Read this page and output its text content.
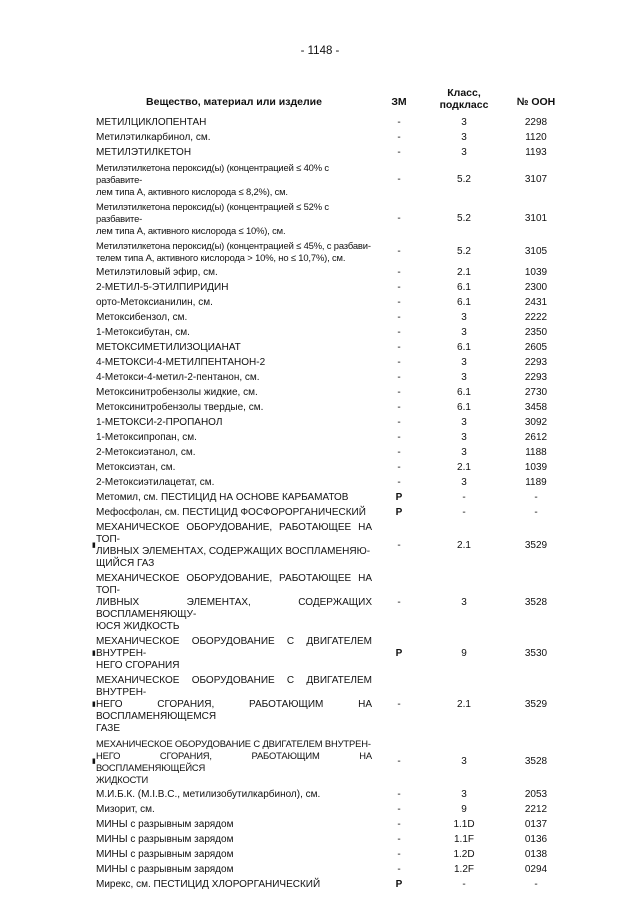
- 1148 -
Вещество, материал или изделие	ЗМ
Класс,
подкласс	№ ООН
МЕТИЛЦИКЛОПЕНТАН	-	3	2298
Метилэтилкарбинол, см.	-	3	1120
МЕТИЛЭТИЛКЕТОН	-	3	1193
Метилэтилкетона пероксид(ы) (концентрацией ≤ 40% с разбавите-
лем типа A, активного кислорода ≤ 8,2%), см.
-	5.2	3107
Метилэтилкетона пероксид(ы) (концентрацией ≤ 52% с разбавите-
лем типа A, активного кислорода ≤ 10%), см.
-	5.2	3101
Метилэтилкетона пероксид(ы) (концентрацией ≤ 45%, с разбави-
телем типа A, активного кислорода > 10%, но ≤ 10,7%), см.
-	5.2	3105
Метилэтиловый эфир, см.	-	2.1	1039
2-МЕТИЛ-5-ЭТИЛПИРИДИН	-	6.1	2300
орто-Метоксианилин, см.	-	6.1	2431
Метоксибензол, см.	-	3	2222
1-Метоксибутан, см.	-	3	2350
МЕТОКСИМЕТИЛИЗОЦИАНАТ	-	6.1	2605
4-МЕТОКСИ-4-МЕТИЛПЕНТАНОН-2	-	3	2293
4-Метокси-4-метил-2-пентанон, см.	-	3	2293
Метоксинитробензолы жидкие, см.	-	6.1	2730
Метоксинитробензолы твердые, см.	-	6.1	3458
1-МЕТОКСИ-2-ПРОПАНОЛ	-	3	3092
1-Метоксипропан, см.	-	3	2612
2-Метоксиэтанол, см.	-	3	1188
Метоксиэтан, см.	-	2.1	1039
2-Метоксиэтилацетат, см.	-	3	1189
Метомил, см. ПЕСТИЦИД НА ОСНОВЕ КАРБАМАТОВ	Р	-	-
Мефосфолан, см. ПЕСТИЦИД ФОСФОРОРГАНИЧЕСКИЙ	Р	-	-
▮
МЕХАНИЧЕСКОЕ ОБОРУДОВАНИЕ, РАБОТАЮЩЕЕ НА ТОП-
ЛИВНЫХ ЭЛЕМЕНТАХ, СОДЕРЖАЩИХ ВОСПЛАМЕНЯЮ-
ЩИЙСЯ ГАЗ
-	2.1	3529
МЕХАНИЧЕСКОЕ ОБОРУДОВАНИЕ, РАБОТАЮЩЕЕ НА ТОП-
ЛИВНЫХ ЭЛЕМЕНТАХ, СОДЕРЖАЩИХ ВОСПЛАМЕНЯЮЩУ-
ЮСЯ ЖИДКОСТЬ
-	3	3528
▮
МЕХАНИЧЕСКОЕ ОБОРУДОВАНИЕ С ДВИГАТЕЛЕМ ВНУТРЕН-
НЕГО СГОРАНИЯ
Р	9	3530
▮
МЕХАНИЧЕСКОЕ ОБОРУДОВАНИЕ С ДВИГАТЕЛЕМ ВНУТРЕН-
НЕГО СГОРАНИЯ, РАБОТАЮЩИМ НА ВОСПЛАМЕНЯЮЩЕМСЯ
ГАЗЕ
-	2.1	3529
▮
МЕХАНИЧЕСКОЕ ОБОРУДОВАНИЕ С ДВИГАТЕЛЕМ ВНУТРЕН-
НЕГО СГОРАНИЯ, РАБОТАЮЩИМ НА ВОСПЛАМЕНЯЮЩЕЙСЯ
ЖИДКОСТИ
-	3	3528
М.И.Б.К. (M.I.B.C., метилизобутилкарбинол), см.	-	3	2053
Мизорит, см.	-	9	2212
МИНЫ с разрывным зарядом	-	1.1D	0137
МИНЫ с разрывным зарядом	-	1.1F	0136
МИНЫ с разрывным зарядом	-	1.2D	0138
МИНЫ с разрывным зарядом	-	1.2F	0294
Мирекс, см. ПЕСТИЦИД ХЛОРОРГАНИЧЕСКИЙ	Р	-	-
